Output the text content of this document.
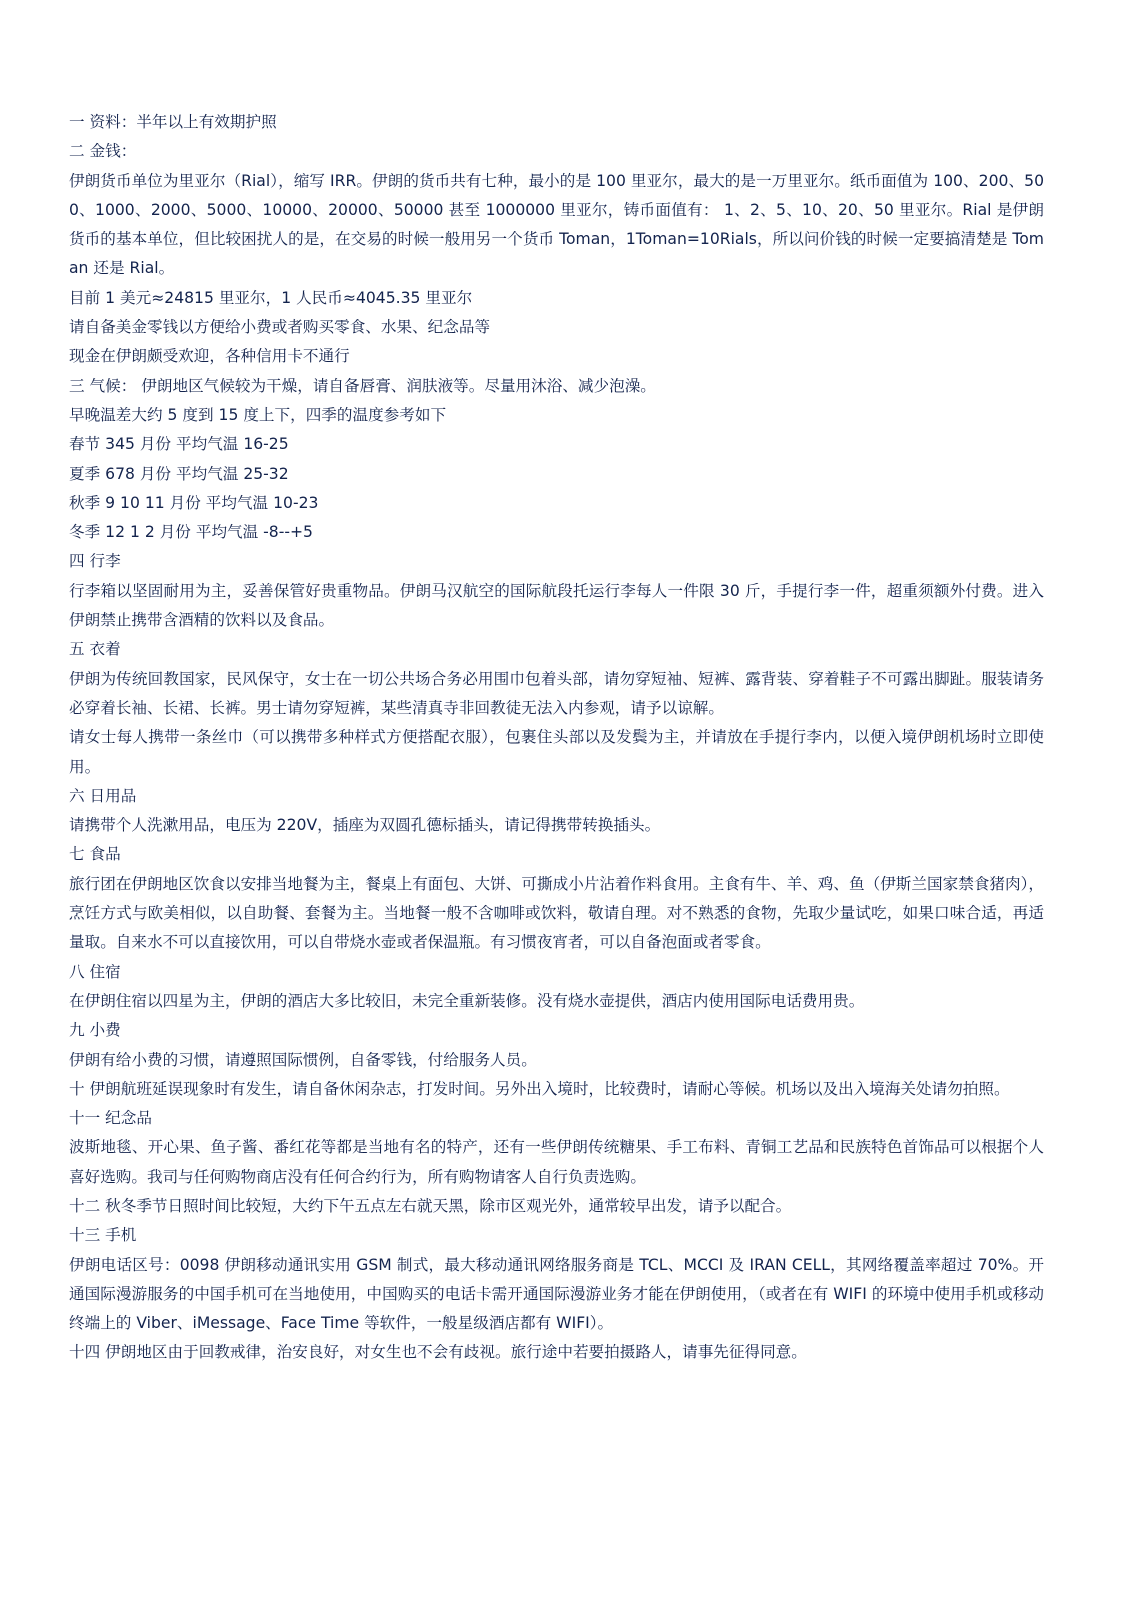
一 资料：半年以上有效期护照

二 金钱：

伊朗货币单位为里亚尔（Rial），缩写 IRR。伊朗的货币共有七种，最小的是 100 里亚尔，最大的是一万里亚尔。纸币面值为 100、200、500、1000、2000、5000、10000、20000、50000 甚至 1000000 里亚尔，铸币面值有： 1、2、5、10、20、50 里亚尔。Rial 是伊朗货币的基本单位，但比较困扰人的是，在交易的时候一般用另一个货币 Toman，1Toman=10Rials，所以问价钱的时候一定要搞清楚是 Toman 还是 Rial。

目前 1 美元≈24815 里亚尔，1 人民币≈4045.35 里亚尔

请自备美金零钱以方便给小费或者购买零食、水果、纪念品等

现金在伊朗颇受欢迎，各种信用卡不通行

三 气候： 伊朗地区气候较为干燥，请自备唇膏、润肤液等。尽量用沐浴、减少泡澡。

早晚温差大约 5 度到 15 度上下，四季的温度参考如下

春节 345 月份 平均气温 16-25

夏季 678 月份 平均气温 25-32

秋季 9 10 11 月份 平均气温 10-23

冬季 12 1 2 月份 平均气温 -8--+5

四 行李

行李箱以坚固耐用为主，妥善保管好贵重物品。伊朗马汉航空的国际航段托运行李每人一件限 30 斤，手提行李一件，超重须额外付费。进入伊朗禁止携带含酒精的饮料以及食品。

五 衣着

伊朗为传统回教国家，民风保守，女士在一切公共场合务必用围巾包着头部，请勿穿短袖、短裤、露背装、穿着鞋子不可露出脚趾。服装请务必穿着长袖、长裙、长裤。男士请勿穿短裤，某些清真寺非回教徒无法入内参观，请予以谅解。

请女士每人携带一条丝巾（可以携带多种样式方便搭配衣服），包裹住头部以及发鬓为主，并请放在手提行李内，以便入境伊朗机场时立即使用。

六 日用品

请携带个人洗漱用品，电压为 220V，插座为双圆孔德标插头，请记得携带转换插头。

七 食品

旅行团在伊朗地区饮食以安排当地餐为主，餐桌上有面包、大饼、可撕成小片沾着作料食用。主食有牛、羊、鸡、鱼（伊斯兰国家禁食猪肉），烹饪方式与欧美相似，以自助餐、套餐为主。当地餐一般不含咖啡或饮料，敬请自理。对不熟悉的食物，先取少量试吃，如果口味合适，再适量取。自来水不可以直接饮用，可以自带烧水壶或者保温瓶。有习惯夜宵者，可以自备泡面或者零食。

八 住宿

在伊朗住宿以四星为主，伊朗的酒店大多比较旧，未完全重新装修。没有烧水壶提供，酒店内使用国际电话费用贵。

九 小费

伊朗有给小费的习惯，请遵照国际惯例，自备零钱，付给服务人员。

十 伊朗航班延误现象时有发生，请自备休闲杂志，打发时间。另外出入境时，比较费时，请耐心等候。机场以及出入境海关处请勿拍照。

十一 纪念品

波斯地毯、开心果、鱼子酱、番红花等都是当地有名的特产，还有一些伊朗传统糖果、手工布料、青铜工艺品和民族特色首饰品可以根据个人喜好选购。我司与任何购物商店没有任何合约行为，所有购物请客人自行负责选购。

十二 秋冬季节日照时间比较短，大约下午五点左右就天黑，除市区观光外，通常较早出发，请予以配合。

十三 手机

伊朗电话区号：0098 伊朗移动通讯实用 GSM 制式，最大移动通讯网络服务商是 TCL、MCCI 及 IRAN CELL，其网络覆盖率超过 70%。开通国际漫游服务的中国手机可在当地使用，中国购买的电话卡需开通国际漫游业务才能在伊朗使用，（或者在有 WIFI 的环境中使用手机或移动终端上的 Viber、iMessage、Face Time 等软件，一般星级酒店都有 WIFI）。

十四 伊朗地区由于回教戒律，治安良好，对女生也不会有歧视。旅行途中若要拍摄路人，请事先征得同意。
